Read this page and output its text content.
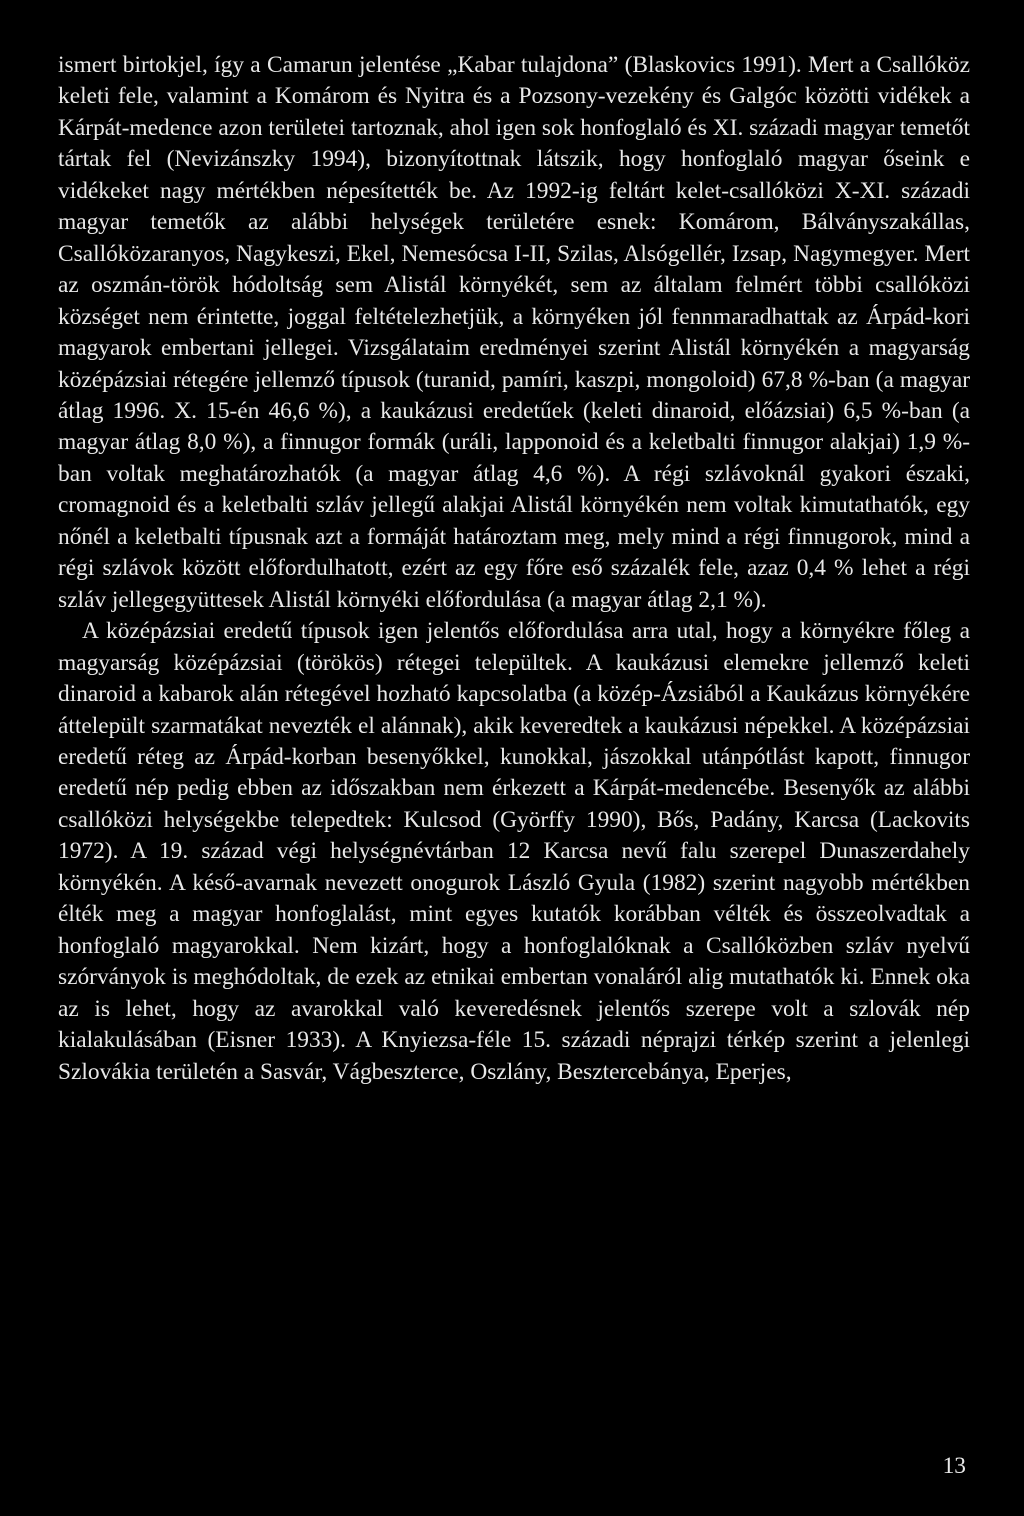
ismert birtokjel, így a Camarun jelentése „Kabar tulajdona” (Blaskovics 1991). Mert a Csallóköz keleti fele, valamint a Komárom és Nyitra és a Pozsony-vezekény és Galgóc közötti vidékek a Kárpát-medence azon területei tartoznak, ahol igen sok honfoglaló és XI. századi magyar temetőt tártak fel (Nevizánszky 1994), bizonyítottnak látszik, hogy honfoglaló magyar őseink e vidékeket nagy mértékben népesítették be. Az 1992-ig feltárt kelet-csallóközi X-XI. századi magyar temetők az alábbi helységek területére esnek: Komárom, Bálványszakállas, Csallóközaranyos, Nagykeszi, Ekel, Nemesócsa I-II, Szilas, Alsógellér, Izsap, Nagymegyer. Mert az oszmán-török hódoltság sem Alistál környékét, sem az általam felmért többi csallóközi községet nem érintette, joggal feltételezhetjük, a környéken jól fennmaradhattak az Árpád-kori magyarok embertani jellegei. Vizsgálataim eredményei szerint Alistál környékén a magyarság középázsiai rétegére jellemző típusok (turanid, pamíri, kaszpi, mongoloid) 67,8 %-ban (a magyar átlag 1996. X. 15-én 46,6 %), a kaukázusi eredetűek (keleti dinaroid, előázsiai) 6,5 %-ban (a magyar átlag 8,0 %), a finnugor formák (uráli, lapponoid és a keletbalti finnugor alakjai) 1,9 %-ban voltak meghatározhatók (a magyar átlag 4,6 %). A régi szlávoknál gyakori északi, cromagnoid és a keletbalti szláv jellegű alakjai Alistál környékén nem voltak kimutathatók, egy nőnél a keletbalti típusnak azt a formáját határoztam meg, mely mind a régi finnugorok, mind a régi szlávok között előfordulhatott, ezért az egy főre eső százalék fele, azaz 0,4 % lehet a régi szláv jellegegyüttesek Alistál környéki előfordulása (a magyar átlag 2,1 %).

A középázsiai eredetű típusok igen jelentős előfordulása arra utal, hogy a környékre főleg a magyarság középázsiai (törökös) rétegei települtek. A kaukázusi elemekre jellemző keleti dinaroid a kabarok alán rétegével hozható kapcsolatba (a közép-Ázsiából a Kaukázus környékére áttelepült szarmatákat nevezték el alánnak), akik keveredtek a kaukázusi népekkel. A középázsiai eredetű réteg az Árpád-korban besenyőkkel, kunokkal, jászokkal utánpótlást kapott, finnugor eredetű nép pedig ebben az időszakban nem érkezett a Kárpát-medencébe. Besenyők az alábbi csallóközi helységekbe telepedtek: Kulcsod (Györffy 1990), Bős, Padány, Karcsa (Lackovits 1972). A 19. század végi helységnévtárban 12 Karcsa nevű falu szerepel Dunaszerdahely környékén. A késő-avarnak nevezett onogurok László Gyula (1982) szerint nagyobb mértékben élték meg a magyar honfoglalást, mint egyes kutatók korábban vélték és összeolvadtak a honfoglaló magyarokkal. Nem kizárt, hogy a honfoglalóknak a Csallóközben szláv nyelvű szórványok is meghódoltak, de ezek az etnikai embertan vonaláról alig mutathatók ki. Ennek oka az is lehet, hogy az avarokkal való keveredésnek jelentős szerepe volt a szlovák nép kialakulásában (Eisner 1933). A Knyiezsa-féle 15. századi néprajzi térkép szerint a jelenlegi Szlovákia területén a Sasvár, Vágbeszterce, Oszlány, Besztercebánya, Eperjes,

13
